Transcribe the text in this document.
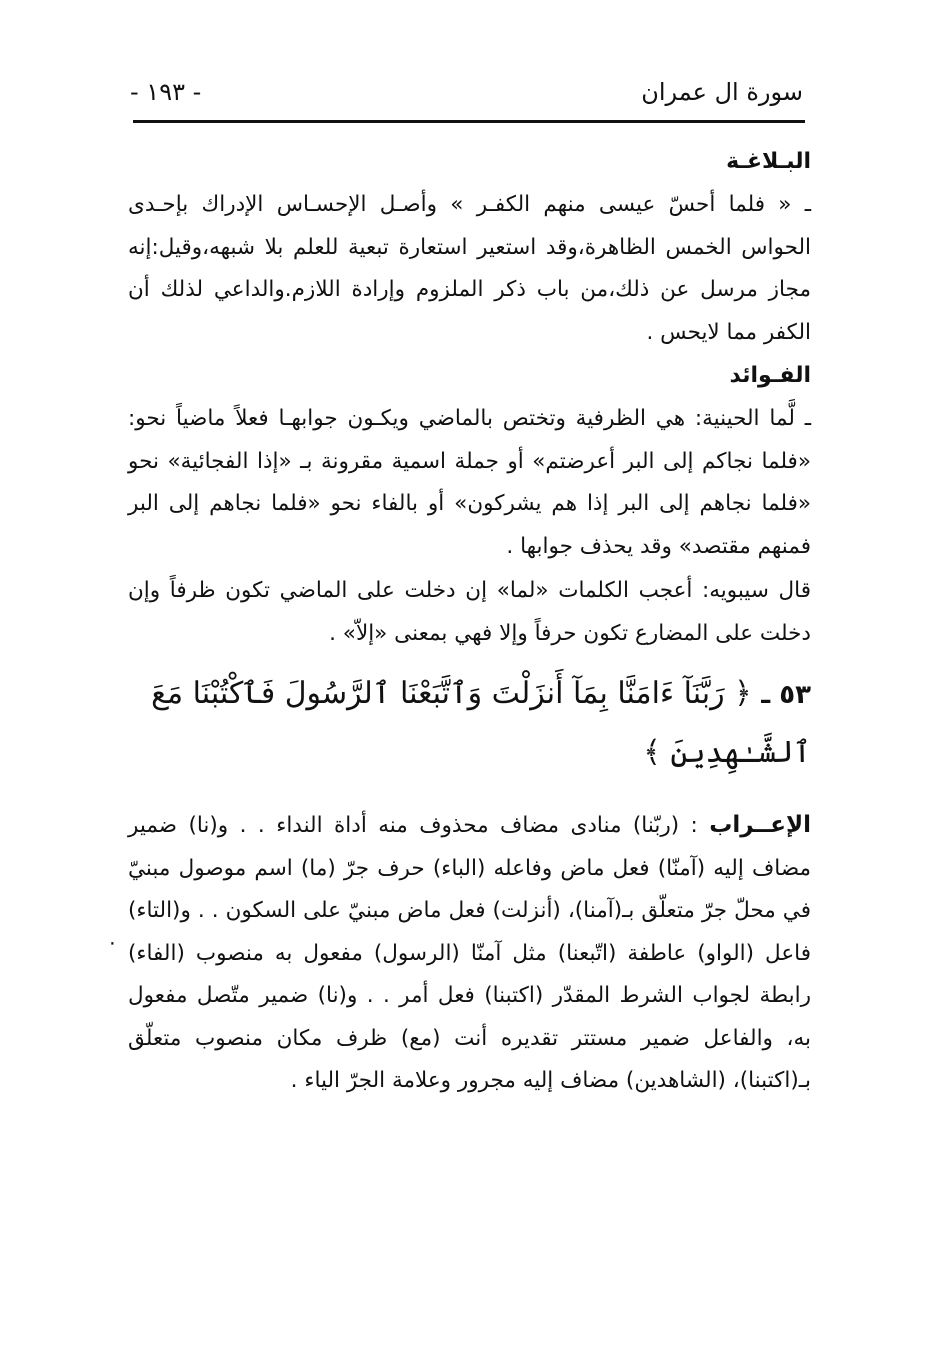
- ١٩٣ -	سورة ال عمران
البـلاغـة

ـ « فلما أحسّ عيسى منهم الكفـر » وأصـل الإحسـاس الإدراك بإحـدى الحواس الخمس الظاهرة،وقد استعير استعارة تبعية للعلم بلا شبهه،وقيل:إنه مجاز مرسل عن ذلك،من باب ذكر الملزوم وإرادة اللازم.والداعي لذلك أن الكفر مما لايحس .

الفـوائد

ـ لَّما الحينية: هي الظرفية وتختص بالماضي ويكـون جوابهـا فعلاً ماضياً نحو: «فلما نجاكم إلى البر أعرضتم» أو جملة اسمية مقرونة بـ «إذا الفجائية» نحو «فلما نجاهم إلى البر إذا هم يشركون» أو بالفاء نحو «فلما نجاهم إلى البر فمنهم مقتصد» وقد يحذف جوابها .

قال سيبويه: أعجب الكلمات «لما» إن دخلت على الماضي تكون ظرفاً وإن دخلت على المضارع تكون حرفاً وإلا فهي بمعنى «إلاّ» .

٥٣ ـ ﴿ رَبَّنَآ ءَامَنَّا بِمَآ أَنزَلْتَ وَٱتَّبَعْنَا ٱلرَّسُولَ فَٱكْتُبْنَا مَعَ
ٱلشَّـٰهِدِينَ ﴾

الإعــراب : (ربّنا) منادى مضاف محذوف منه أداة النداء . . و(نا) ضمير مضاف إليه (آمنّا) فعل ماض وفاعله (الباء) حرف جرّ (ما) اسم موصول مبنيّ في محلّ جرّ متعلّق بـ(آمنا)، (أنزلت) فعل ماض مبنيّ على السكون . . و(التاء) فاعل (الواو) عاطفة (اتّبعنا) مثل آمنّا (الرسول) مفعول به منصوب (الفاء) رابطة لجواب الشرط المقدّر (اكتبنا) فعل أمر . . و(نا) ضمير متّصل مفعول به، والفاعل ضمير مستتر تقديره أنت (مع) ظرف مكان منصوب متعلّق بـ(اكتبنا)، (الشاهدين) مضاف إليه مجرور وعلامة الجرّ الياء .

٠
